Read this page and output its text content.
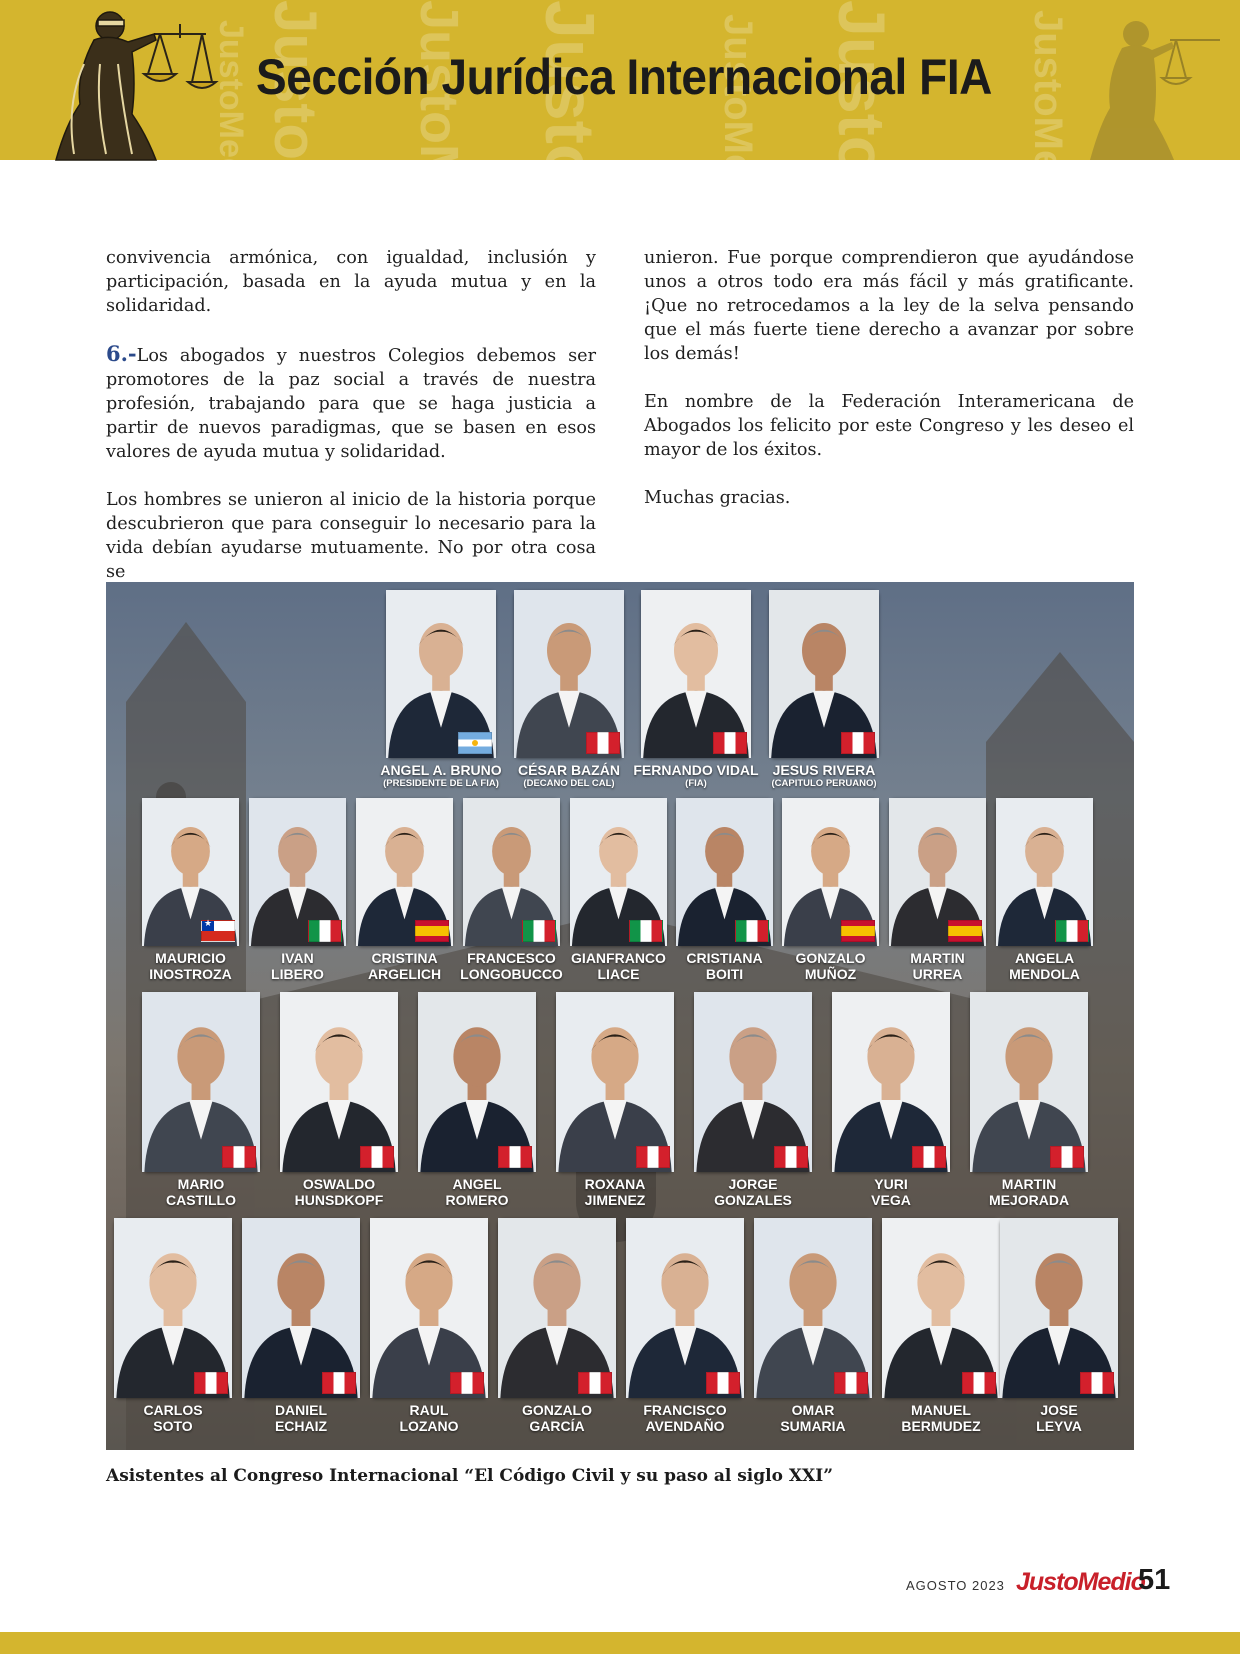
JustoMedio JustoMedio JustoMedio JustoMedio	JustoMedio JustoMedio	JustoMedio
Sección Jurídica Internacional FIA

convivencia armónica, con igualdad, inclusión y participación, basada en la ayuda mutua y en la solidaridad.

6.-Los abogados y nuestros Colegios debemos ser promotores de la paz social a través de nuestra profesión, trabajando para que se haga justicia a partir de nuevos paradigmas, que se basen en esos valores de ayuda mutua y solidaridad.

Los hombres se unieron al inicio de la historia porque descubrieron que para conseguir lo necesario para la vida debían ayudarse mutuamente. No por otra cosa se

unieron. Fue porque comprendieron que ayudándose unos a otros todo era más fácil y más gratificante. ¡Que no retrocedamos a la ley de la selva pensando que el más fuerte tiene derecho a avanzar por sobre los demás!

En nombre de la Federación Interamericana de Abogados los felicito por este Congreso y les deseo el mayor de los éxitos.

Muchas gracias.

ANGEL A. BRUNO
(PRESIDENTE DE LA FIA)
CÉSAR BAZÁN
(DECANO DEL CAL)
FERNANDO VIDAL
(FIA)
JESUS RIVERA
(CAPITULO PERUANO)
★
MAURICIO
INOSTROZA
IVAN
LIBERO
CRISTINA
ARGELICH
FRANCESCO
LONGOBUCCO
GIANFRANCO
LIACE
CRISTIANA
BOITI
GONZALO
MUÑOZ
MARTIN
URREA
ANGELA
MENDOLA
MARIO
CASTILLO
OSWALDO
HUNSDKOPF
ANGEL
ROMERO
ROXANA
JIMENEZ
JORGE
GONZALES
YURI
VEGA
MARTIN
MEJORADA
CARLOS
SOTO
DANIEL
ECHAIZ
RAUL
LOZANO
GONZALO
GARCÍA
FRANCISCO
AVENDAÑO
OMAR
SUMARIA
MANUEL
BERMUDEZ
JOSE
LEYVA

Asistentes al Congreso Internacional “El Código Civil y su paso al siglo XXI”

AGOSTO 2023 JustoMedio
51
